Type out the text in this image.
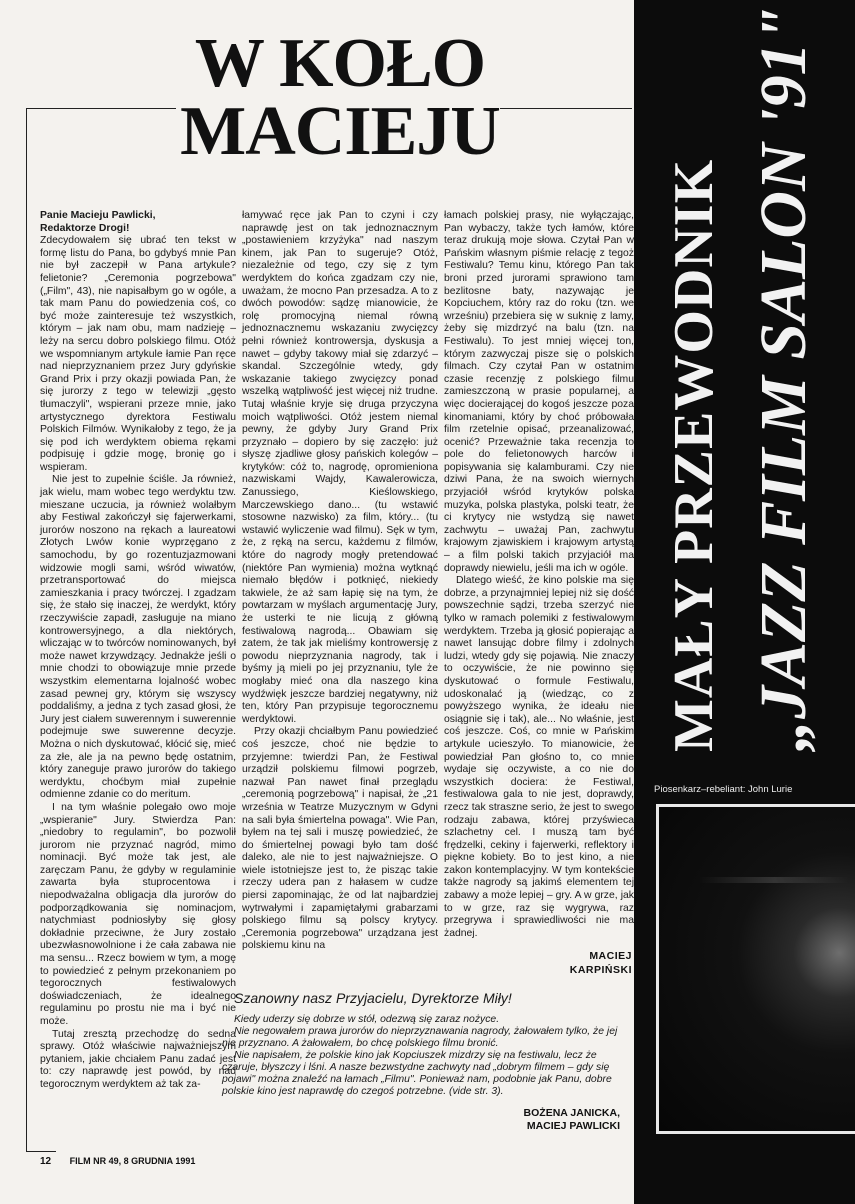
W KOŁO
MACIEJU

Panie Macieju Pawlicki,

Redaktorze Drogi!

Zdecydowałem się ubrać ten tekst w formę listu do Pana, bo gdybyś mnie Pan nie był zaczepił w Pana artykule? felietonie? „Ceremonia pogrzebowa" („Film", 43), nie napisałbym go w ogóle, a tak mam Panu do powiedzenia coś, co być może zainteresuje też wszystkich, którym – jak nam obu, mam nadzieję – leży na sercu dobro polskiego filmu. Otóż we wspomnianym artykule łamie Pan ręce nad nieprzyznaniem przez Jury gdyńskie Grand Prix i przy okazji powiada Pan, że się jurorzy z tego w telewizji „gęsto tłumaczyli", wspierani przeze mnie, jako artystycznego dyrektora Festiwalu Polskich Filmów. Wynikałoby z tego, że ja się pod ich werdyktem obiema rękami podpisuję i gdzie mogę, bronię go i wspieram.

Nie jest to zupełnie ściśle. Ja również, jak wielu, mam wobec tego werdyktu tzw. mieszane uczucia, ja również wolałbym aby Festiwal zakończył się fajerwerkami, jurorów noszono na rękach a laureatowi Złotych Lwów konie wyprzęgano z samochodu, by go rozentuzjazmowani widzowie mogli sami, wśród wiwatów, przetransportować do miejsca zamieszkania i pracy twórczej. I zgadzam się, że stało się inaczej, że werdykt, który rzeczywiście zapadł, zasługuje na miano kontrowersyjnego, a dla niektórych, wliczając w to twórców nominowanych, był może nawet krzywdzący. Jednakże jeśli o mnie chodzi to obowiązuje mnie przede wszystkim elementarna lojalność wobec zasad pewnej gry, którym się wszyscy poddaliśmy, a jedna z tych zasad głosi, że Jury jest ciałem suwerennym i suwerennie podejmuje swe suwerenne decyzje. Można o nich dyskutować, kłócić się, mieć za złe, ale ja na pewno będę ostatnim, który zaneguje prawo jurorów do takiego werdyktu, choćbym miał zupełnie odmienne zdanie co do meritum.

I na tym właśnie polegało owo moje „wspieranie" Jury. Stwierdza Pan: „niedobry to regulamin", bo pozwolił jurorom nie przyznać nagród, mimo nominacji. Być może tak jest, ale zaręczam Panu, że gdyby w regulaminie zawarta była stuprocentowa i niepodważalna obligacja dla jurorów do podporządkowania się nominacjom, natychmiast podniosłyby się głosy dokładnie przeciwne, że Jury zostało ubezwłasnowolnione i że cała zabawa nie ma sensu... Rzecz bowiem w tym, a mogę to powiedzieć z pełnym przekonaniem po tegorocznych festiwalowych doświadczeniach, że idealnego regulaminu po prostu nie ma i być nie może.

Tutaj zresztą przechodzę do sedna sprawy. Otóż właściwie najważniejszym pytaniem, jakie chciałem Panu zadać jest to: czy naprawdę jest powód, by nad tegorocznym werdyktem aż tak za-

łamywać ręce jak Pan to czyni i czy naprawdę jest on tak jednoznacznym „postawieniem krzyżyka" nad naszym kinem, jak Pan to sugeruje? Otóż, niezależnie od tego, czy się z tym werdyktem do końca zgadzam czy nie, uważam, że mocno Pan przesadza. A to z dwóch powodów: sądzę mianowicie, że rolę promocyjną niemal równą jednoznacznemu wskazaniu zwycięzcy pełni również kontrowersja, dyskusja a nawet – gdyby takowy miał się zdarzyć – skandal. Szczególnie wtedy, gdy wskazanie takiego zwycięzcy ponad wszelką wątpliwość jest więcej niż trudne. Tutaj właśnie kryje się druga przyczyna moich wątpliwości. Otóż jestem niemal pewny, że gdyby Jury Grand Prix przyznało – dopiero by się zaczęło: już słyszę zjadliwe głosy pańskich kolegów – krytyków: cóż to, nagrodę, opromieniona nazwiskami Wajdy, Kawalerowicza, Zanussiego, Kieślowskiego, Marczewskiego dano... (tu wstawić stosowne nazwisko) za film, który... (tu wstawić wyliczenie wad filmu). Sęk w tym, że, z ręką na sercu, każdemu z filmów, które do nagrody mogły pretendować (niektóre Pan wymienia) można wytknąć niemało błędów i potknięć, niekiedy takwiele, że aż sam łapię się na tym, że powtarzam w myślach argumentację Jury, że usterki te nie licują z główną festiwalową nagrodą... Obawiam się zatem, że tak jak mieliśmy kontrowersję z powodu nieprzyznania nagrody, tak i byśmy ją mieli po jej przyznaniu, tyle że mogłaby mieć ona dla naszego kina wydźwięk jeszcze bardziej negatywny, niż ten, który Pan przypisuje tegorocznemu werdyktowi.

Przy okazji chciałbym Panu powiedzieć coś jeszcze, choć nie będzie to przyjemne: twierdzi Pan, że Festiwal urządził polskiemu filmowi pogrzeb, nazwał Pan nawet finał przeglądu „ceremonią pogrzebową" i napisał, że „21 września w Teatrze Muzycznym w Gdyni na sali była śmiertelna powaga". Wie Pan, byłem na tej sali i muszę powiedzieć, że do śmiertelnej powagi było tam dość daleko, ale nie to jest najważniejsze. O wiele istotniejsze jest to, że pisząc takie rzeczy udera pan z hałasem w cudze piersi zapominając, że od lat najbardziej wytrwałymi i zapamiętałymi grabarzami polskiego filmu są polscy krytycy. „Ceremonia pogrzebowa" urządzana jest polskiemu kinu na

łamach polskiej prasy, nie wyłączając, Pan wybaczy, także tych łamów, które teraz drukują moje słowa. Czytał Pan w Pańskim własnym piśmie relację z tegoż Festiwalu? Temu kinu, którego Pan tak broni przed jurorami sprawiono tam bezlitosne baty, nazywając je Kopciuchem, który raz do roku (tzn. we wrześniu) przebiera się w suknię z lamy, żeby się mizdrzyć na balu (tzn. na Festiwalu). To jest mniej więcej ton, którym zazwyczaj pisze się o polskich filmach. Czy czytał Pan w ostatnim czasie recenzję z polskiego filmu zamieszczoną w prasie popularnej, a więc docierającej do kogoś jeszcze poza kinomaniami, który by choć próbowała film rzetelnie opisać, przeanalizować, ocenić? Przeważnie taka recenzja to pole do felietonowych harców i popisywania się kalamburami. Czy nie dziwi Pana, że na swoich wiernych przyjaciół wśród krytyków polska muzyka, polska plastyka, polski teatr, że ci krytycy nie wstydzą się nawet zachwytu – uważaj Pan, zachwytu krajowym zjawiskiem i krajowym artystą – a film polski takich przyjaciół ma doprawdy niewielu, jeśli ma ich w ogóle.

Dlatego wieść, że kino polskie ma się dobrze, a przynajmniej lepiej niż się dość powszechnie sądzi, trzeba szerzyć nie tylko w ramach polemiki z festiwalowym werdyktem. Trzeba ją głosić popierając a nawet lansując dobre filmy i zdolnych ludzi, wtedy gdy się pojawią. Nie znaczy to oczywiście, że nie powinno się dyskutować o formule Festiwalu, udoskonalać ją (wiedząc, co z powyższego wynika, że ideału nie osiągnie się i tak), ale... No właśnie, jest coś jeszcze. Coś, co mnie w Pańskim artykule ucieszyło. To mianowicie, że powiedział Pan głośno to, co mnie wydaje się oczywiste, a co nie do wszystkich dociera: że Festiwal, festiwalowa gala to nie jest, doprawdy, rzecz tak straszne serio, że jest to swego rodzaju zabawa, której przyświeca szlachetny cel. I muszą tam być frędzelki, cekiny i fajerwerki, reflektory i piękne kobiety. Bo to jest kino, a nie zakon kontemplacyjny. W tym kontekście także nagrody są jakimś elementem tej zabawy a może lepiej – gry. A w grze, jak to w grze, raz się wygrywa, raz przegrywa i sprawiedliwości nie ma żadnej.

MACIEJ
KARPIŃSKI
Szanowny nasz Przyjacielu, Dyrektorze Miły!

Kiedy uderzy się dobrze w stół, odezwą się zaraz nożyce.

Nie negowałem prawa jurorów do nieprzyznawania nagrody, żałowałem tylko, że jej nie przyznano. A żałowałem, bo chcę polskiego filmu bronić.

Nie napisałem, że polskie kino jak Kopciuszek mizdrzy się na festiwalu, lecz że czaruje, błyszczy i lśni. A nasze bezwstydne zachwyty nad „dobrym filmem – gdy się pojawi" można znaleźć na łamach „Filmu". Ponieważ nam, podobnie jak Panu, dobre polskie kino jest naprawdę do czegoś potrzebne. (vide str. 3).

BOŻENA JANICKA,
MACIEJ PAWLICKI
12 FILM NR 49, 8 GRUDNIA 1991
MAŁY PRZEWODNIK „JAZZ FILM SALON '91"
Piosenkarz–rebeliant: John Lurie
